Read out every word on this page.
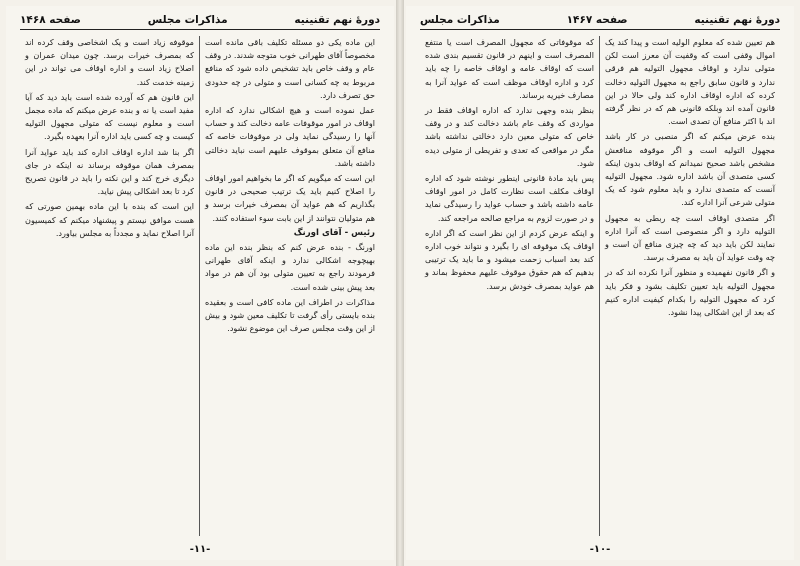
دورهٔ نهم تقنینیه
مذاکرات مجلس
صفحه ۱۴۶۸

این ماده یکی دو مسئله تکلیف باقی مانده است مخصوصاً آقای طهرانی خوب متوجه شدند. در وقف عام و وقف خاص باید تشخیص داده شود که منافع مربوط به چه کسانی است و متولی در چه حدودی حق تصرف دارد.

عمل نموده است و هیچ اشکالی ندارد که اداره اوقاف در امور موقوفات عامه دخالت کند و حساب آنها را رسیدگی نماید ولی در موقوفات خاصه که منافع آن متعلق بموقوف علیهم است نباید دخالتی داشته باشد.

این است که میگویم که اگر ما بخواهیم امور اوقاف را اصلاح کنیم باید یک ترتیب صحیحی در قانون بگذاریم که هم عواید آن بمصرف خیرات برسد و هم متولیان نتوانند از این بابت سوء استفاده کنند.

رئیس - آقای اورنگ

اورنگ - بنده عرض کنم که بنظر بنده این ماده بهیچوجه اشکالی ندارد و اینکه آقای طهرانی فرمودند راجع به تعیین متولی بود آن هم در مواد بعد پیش بینی شده است.

مذاکرات در اطراف این ماده کافی است و بعقیده بنده بایستی رأی گرفت تا تکلیف معین شود و بیش از این وقت مجلس صرف این موضوع نشود.

موقوفه زیاد است و یک اشخاصی وقف کرده اند که بمصرف خیرات برسد. چون میدان عمران و اصلاح زیاد است و اداره اوقاف می تواند در این زمینه خدمت کند.

این قانون هم که آورده شده است باید دید که آیا مفید است یا نه و بنده عرض میکنم که ماده مجمل است و معلوم نیست که متولی مجهول التولیه کیست و چه کسی باید اداره آنرا بعهده بگیرد.

اگر بنا شد اداره اوقاف اداره کند باید عواید آنرا بمصرف همان موقوفه برساند نه اینکه در جای دیگری خرج کند و این نکته را باید در قانون تصریح کرد تا بعد اشکالی پیش نیاید.

این است که بنده با این ماده بهمین صورتی که هست موافق نیستم و پیشنهاد میکنم که کمیسیون آنرا اصلاح نماید و مجدداً به مجلس بیاورد.

-۱۱-
دورهٔ نهم تقنینیه
صفحه ۱۴۶۷
مذاکرات مجلس

هم تعیین شده که معلوم الولیه است و پیدا کند یک اموال وقفی است که وقفیت آن معرز است لکن متولی ندارد و اوقاف مجهول التولیه هم فرقی ندارد و قانون سابق راجع به مجهول التولیه دخالت کرده که اداره اوقاف اداره کند ولی حالا در این قانون آمده اند وبلکه قانونی هم که در نظر گرفته اند با اکثر منافع آن تصدی است.

بنده عرض میکنم که اگر منصبی در کار باشد مجهول التولیه است و اگر موقوفه منافعش مشخص باشد صحیح نمیدانم که اوقاف بدون اینکه کسی متصدی آن باشد اداره شود. مجهول التولیه آنست که متصدی ندارد و باید معلوم شود که یک متولی شرعی آنرا اداره کند.

اگر متصدی اوقاف است چه ربطی به مجهول التولیه دارد و اگر منصوصی است که آنرا اداره نمایند لکن باید دید که چه چیزی منافع آن است و چه وقت عواید آن باید به مصرف برسد.

و اگر قانون نفهمیده و منظور آنرا نکرده اند که در مجهول التولیه باید تعیین تکلیف بشود و فکر باید کرد که مجهول التولیه را بکدام کیفیت اداره کنیم که بعد از این اشکالی پیدا نشود.

که موقوفاتی که مجهول المصرف است یا منتفع المصرف است و اینهم در قانون تقسیم بندی شده است که اوقاف عامه و اوقاف خاصه را چه باید کرد و اداره اوقاف موظف است که عواید آنرا به مصارف خیریه برساند.

بنظر بنده وجهی ندارد که اداره اوقاف فقط در مواردی که وقف عام باشد دخالت کند و در وقف خاص که متولی معین دارد دخالتی نداشته باشد مگر در مواقعی که تعدی و تفریطی از متولی دیده شود.

پس باید مادهٔ قانونی اینطور نوشته شود که اداره اوقاف مکلف است نظارت کامل در امور اوقاف عامه داشته باشد و حساب عواید را رسیدگی نماید و در صورت لزوم به مراجع صالحه مراجعه کند.

و اینکه عرض کردم از این نظر است که اگر اداره اوقاف یک موقوفه ای را بگیرد و نتواند خوب اداره کند بعد اسباب زحمت میشود و ما باید یک ترتیبی بدهیم که هم حقوق موقوف علیهم محفوظ بماند و هم عواید بمصرف خودش برسد.

-۱۰-
